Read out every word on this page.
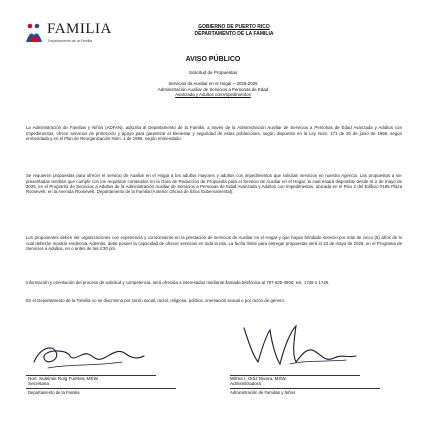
FAMILIA
Departamento de la Familia
GOBIERNO DE PUERTO RICO
DEPARTAMENTO DE LA FAMILIA
AVISO PÚBLICO
Solicitud de Propuestas
Servicios de Auxiliar en el Hogar – 2025-2026
Administración Auxiliar de Servicios a Personas de Edad
Avanzada y Adultos con Impedimentos

La Administración de Familias y Niños (ADFAN), adscrita al Departamento de la Familia, a través de la Administración Auxiliar de Servicios a Personas de Edad Avanzada y Adultos con Impedimentos, ofrece servicios de protección y apoyo para garantizar el bienestar y seguridad de estas poblaciones, según dispuesto en la Ley Núm. 171 de 30 de junio de 1968, según enmendada y en el Plan de Reorganización Núm. 1 de 1995, según enmendado.

Se requieren propuestas para ofrecer el servicio de Auxiliar en el Hogar a los adultos mayores y adultos con impedimentos que solicitan servicios en nuestra Agencia. Las propuestas a ser presentadas tendrán que cumplir con los requisitos contenidos en la Guía de Redacción de Propuesta para el Servicio de Auxiliar en el Hogar, la cual estará disponible desde el 2 de mayo de 2025, en el Programa de Servicios a Adultos de la Administración Auxiliar de Servicios a Personas de Edad Avanzada y Adultos con Impedimentos, ubicada en el Piso 2 del Edificio #185 Plaza Roosevelt, en la Avenida Roosevelt, Departamento de la Familia (Anterior Oficina de Ética Gubernamental).

Los proponentes deben ser organizaciones con experiencia y conocimiento en la prestación de servicios de Auxiliar en el Hogar y que hayan brindado servicio por más de cinco (5) años de lo cual deberán mostrar evidencia. Además, debe poseer la capacidad de ofrecer servicios en toda la Isla. La fecha límite para entregar propuestas será el 23 de mayo de 2025, en el Programa de Servicios a Adultos, en o antes de las 4:30 pm.

Información y orientación del proceso de solicitud y competencia, será ofrecida a interesados mediante llamada telefónica al 787-625-4900, ext. 1749 o 1748.

En el Departamento de la Familia no se discrimina por razón social, racial, religiosa, política, orientación sexual o por razón de género.

Hon. Suleimie Roig Fuertes, MSW
Secretaria
Departamento de la Familia
Wilma I. Ortiz Rivera, MSW
Administradora
Administración de Familias y Niños
